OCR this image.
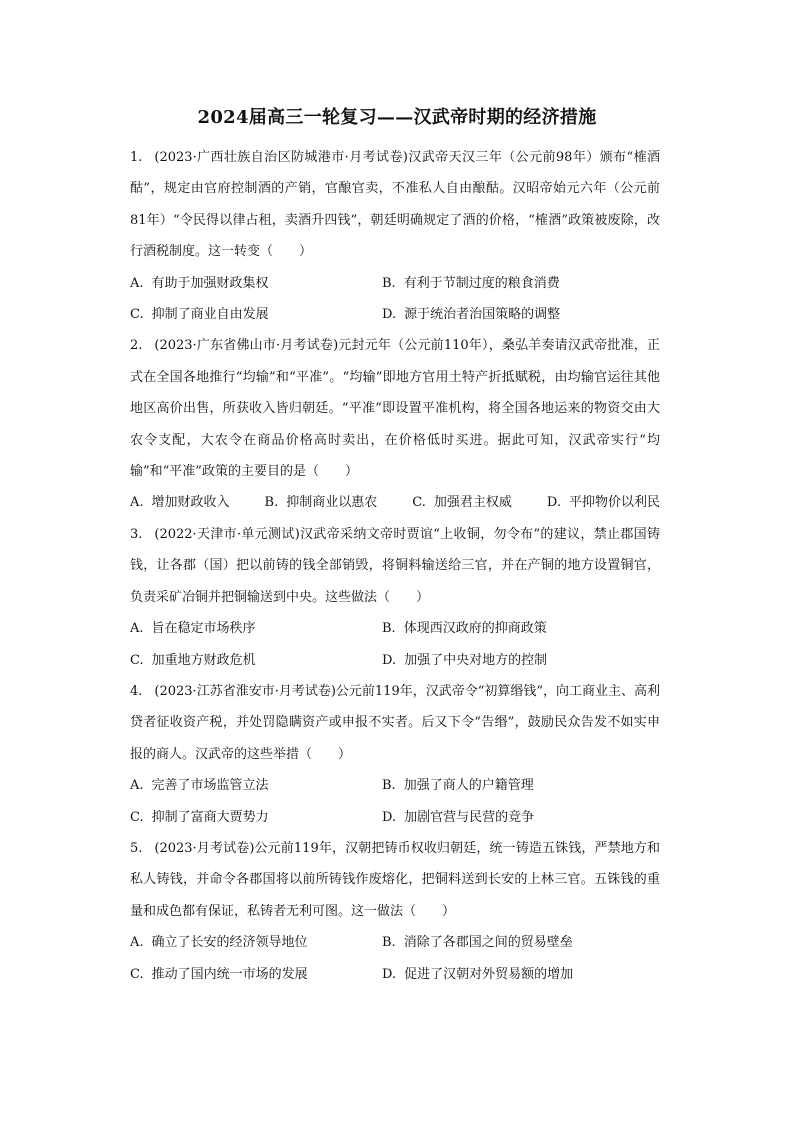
2024届高三一轮复习——汉武帝时期的经济措施
1. (2023·广西壮族自治区防城港市·月考试卷)汉武帝天汉三年（公元前98年）颁布“榷酒酤”，规定由官府控制酒的产销，官酿官卖，不准私人自由酿酤。汉昭帝始元六年（公元前81年）“令民得以律占租，卖酒升四钱”，朝廷明确规定了酒的价格，“榷酒”政策被废除，改行酒税制度。这一转变（　　）
A. 有助于加强财政集权	B. 有利于节制过度的粮食消费
C. 抑制了商业自由发展	D. 源于统治者治国策略的调整
2. (2023·广东省佛山市·月考试卷)元封元年（公元前110年），桑弘羊奏请汉武帝批准，正式在全国各地推行“均输”和“平准”。“均输”即地方官用土特产折抵赋税，由均输官运往其他地区高价出售，所获收入皆归朝廷。“平准”即设置平准机构，将全国各地运来的物资交由大农令支配，大农令在商品价格高时卖出，在价格低时买进。据此可知，汉武帝实行“均输”和“平准”政策的主要目的是（　　）
A. 增加财政收入	B. 抑制商业以惠农	C. 加强君主权威	D. 平抑物价以利民
3. (2022·天津市·单元测试)汉武帝采纳文帝时贾谊“上收铜，勿令布”的建议，禁止郡国铸钱，让各郡（国）把以前铸的钱全部销毁，将铜料输送给三官，并在产铜的地方设置铜官，负责采矿冶铜并把铜输送到中央。这些做法（　　）
A. 旨在稳定市场秩序	B. 体现西汉政府的抑商政策
C. 加重地方财政危机	D. 加强了中央对地方的控制
4. (2023·江苏省淮安市·月考试卷)公元前119年，汉武帝令“初算缗钱”，向工商业主、高利贷者征收资产税，并处罚隐瞒资产或申报不实者。后又下令“告缗”，鼓励民众告发不如实申报的商人。汉武帝的这些举措（　　）
A. 完善了市场监管立法	B. 加强了商人的户籍管理
C. 抑制了富商大贾势力	D. 加剧官营与民营的竞争
5. (2023·月考试卷)公元前119年，汉朝把铸币权收归朝廷，统一铸造五铢钱，严禁地方和私人铸钱，并命令各郡国将以前所铸钱作废熔化，把铜料送到长安的上林三官。五铢钱的重量和成色都有保证，私铸者无利可图。这一做法（　　）
A. 确立了长安的经济领导地位	B. 消除了各郡国之间的贸易壁垒
C. 推动了国内统一市场的发展	D. 促进了汉朝对外贸易额的增加
